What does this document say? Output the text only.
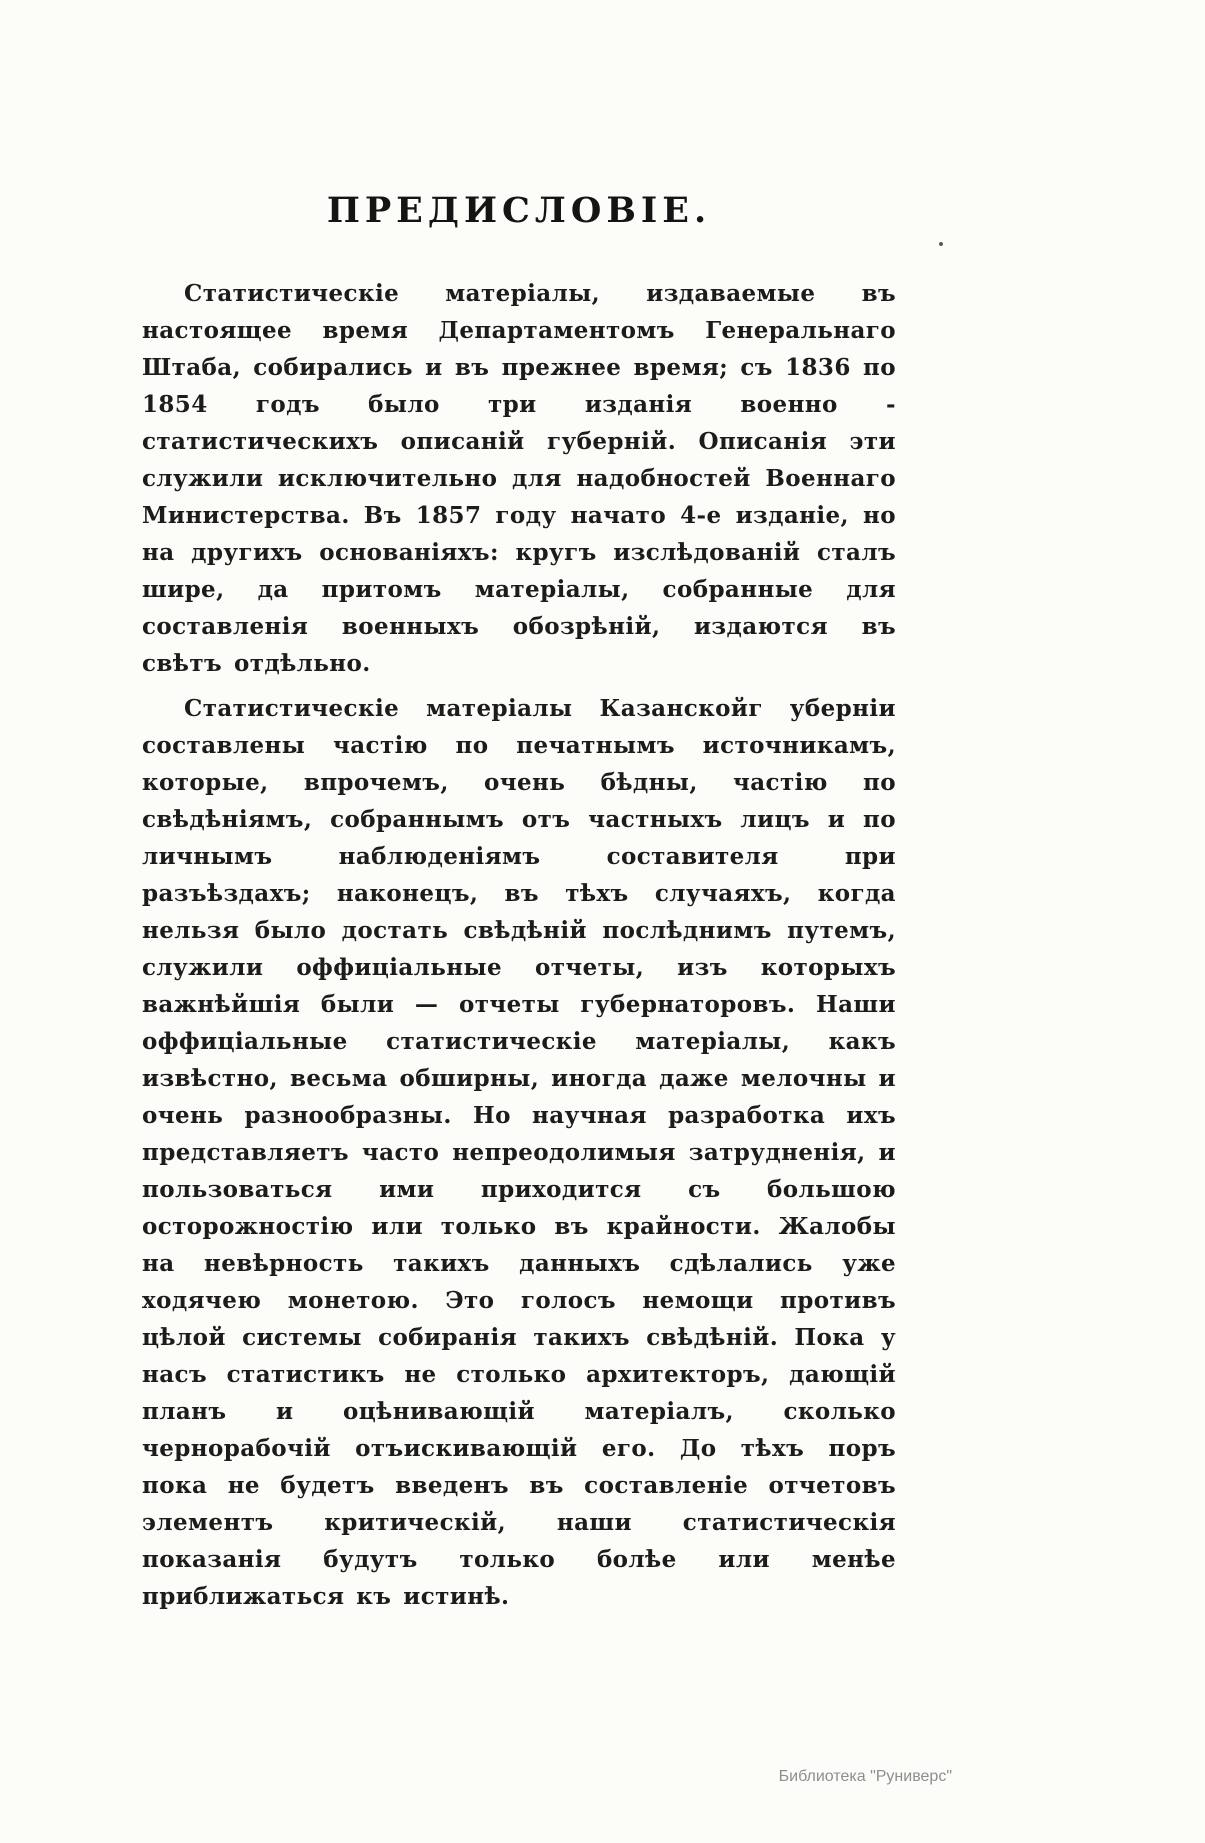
ПРЕДИСЛОВІЕ.

Статистическіе матеріалы, издаваемые въ настоящее время Департаментомъ Генеральнаго Штаба, собирались и въ прежнее время; съ 1836 по 1854 годъ было три изданія военно - статистическихъ описаній губерній. Описанія эти служили исключительно для надобностей Военнаго Министерства. Въ 1857 году начато 4-е изданіе, но на другихъ основаніяхъ: кругъ изслѣдованій сталъ шире, да притомъ матеріалы, собранные для составленія военныхъ обозрѣній, издаются въ свѣтъ отдѣльно.

Статистическіе матеріалы Казанскойг уберніи составлены частію по печатнымъ источникамъ, которые, впрочемъ, очень бѣдны, частію по свѣдѣніямъ, собраннымъ отъ частныхъ лицъ и по личнымъ наблюденіямъ составителя при разъѣздахъ; наконецъ, въ тѣхъ случаяхъ, когда нельзя было достать свѣдѣній послѣднимъ путемъ, служили оффиціальные отчеты, изъ которыхъ важнѣйшія были — отчеты губернаторовъ. Наши оффиціальные статистическіе матеріалы, какъ извѣстно, весьма обширны, иногда даже мелочны и очень разнообразны. Но научная разработка ихъ представляетъ часто непреодолимыя затрудненія, и пользоваться ими приходится съ большою осторожностію или только въ крайности. Жалобы на невѣрность такихъ данныхъ сдѣлались уже ходячею монетою. Это голосъ немощи противъ цѣлой системы собиранія такихъ свѣдѣній. Пока у насъ статистикъ не столько архитекторъ, дающій планъ и оцѣнивающій матеріалъ, сколько чернорабочій отъискивающій его. До тѣхъ поръ пока не будетъ введенъ въ составленіе отчетовъ элементъ критическій, наши статистическія показанія будутъ только болѣе или менѣе приближаться къ истинѣ.

Библиотека "Руниверс"
